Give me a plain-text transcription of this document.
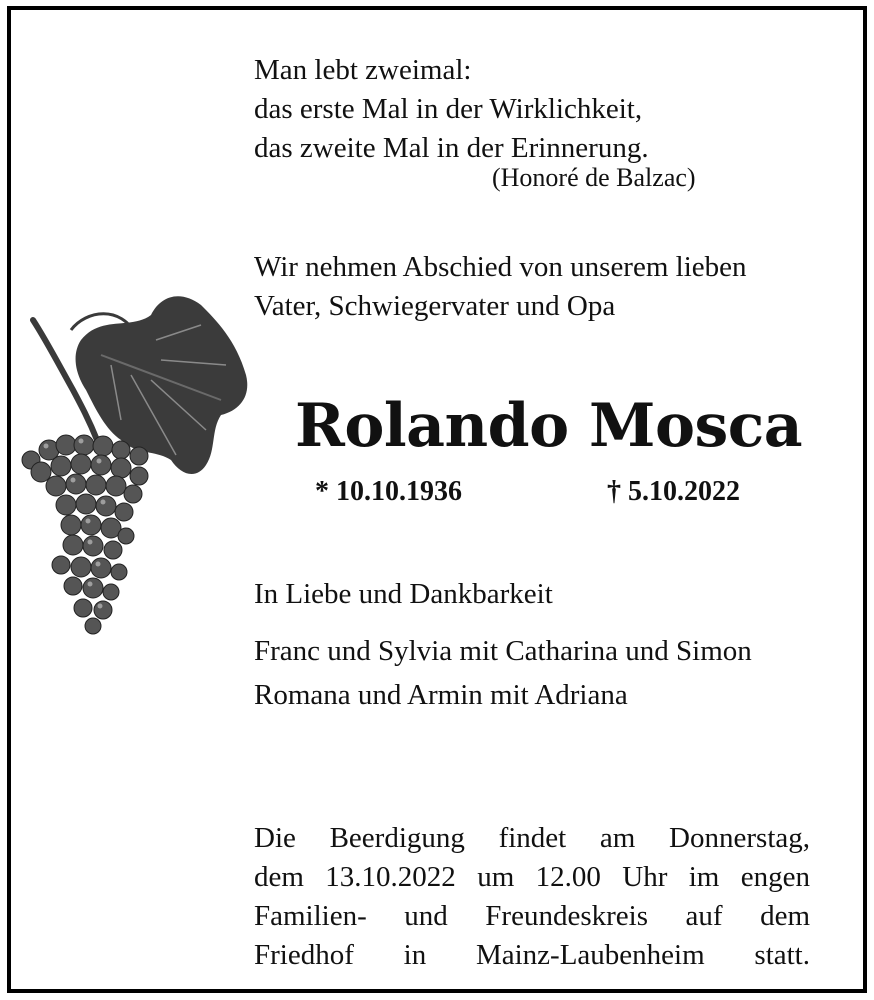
Man lebt zweimal:
das erste Mal in der Wirklichkeit,
das zweite Mal in der Erinnerung.
(Honoré de Balzac)
Wir nehmen Abschied von unserem lieben
Vater, Schwiegervater und Opa
Rolando Mosca
* 10.10.1936	† 5.10.2022
In Liebe und Dankbarkeit
Franc und Sylvia mit Catharina und Simon
Romana und Armin mit Adriana
Die Beerdigung findet am Donnerstag,
dem 13.10.2022 um 12.00 Uhr im engen
Familien- und Freundeskreis auf dem
Friedhof in Mainz-Laubenheim statt.
